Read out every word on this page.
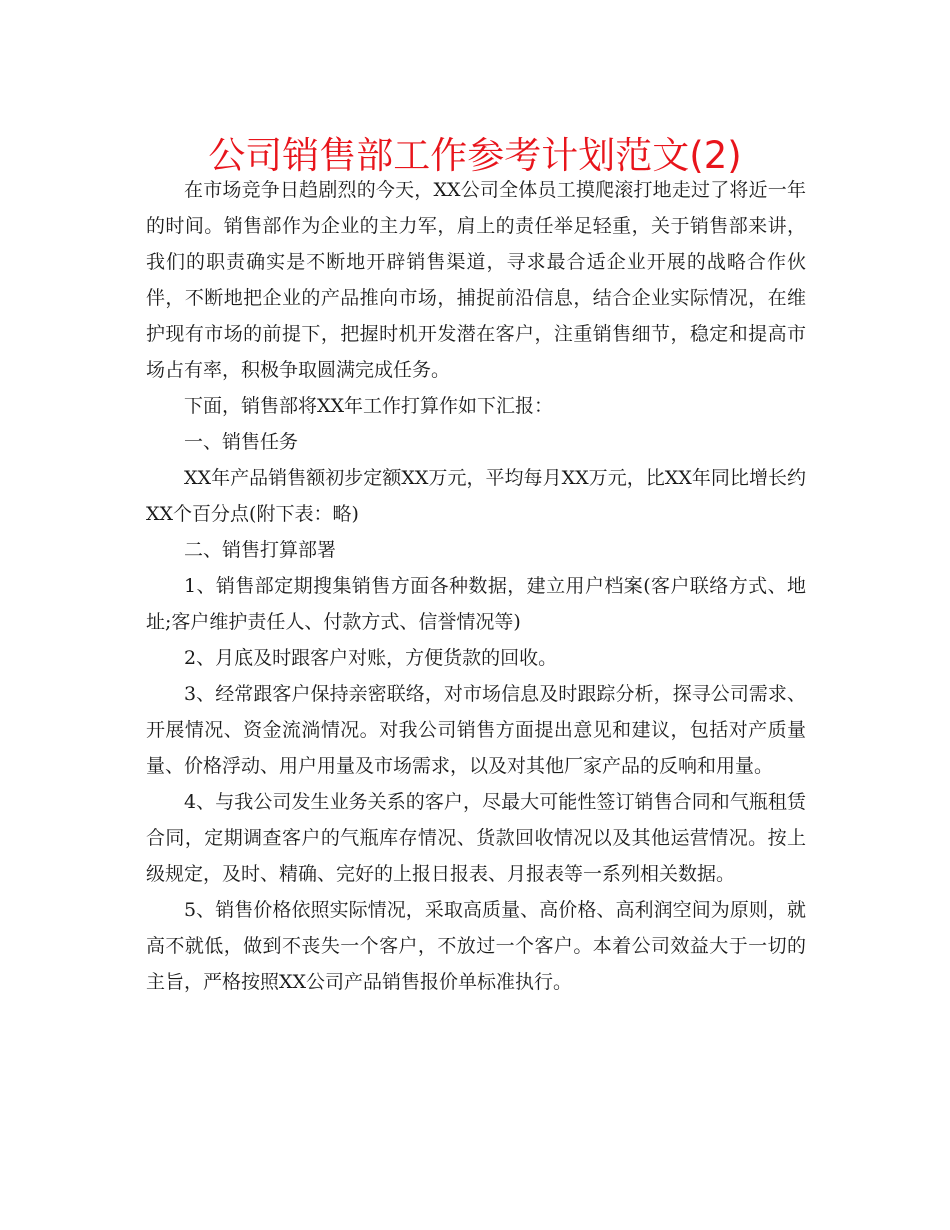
公司销售部工作参考计划范文(2)

在市场竞争日趋剧烈的今天，XX公司全体员工摸爬滚打地走过了将近一年的时间。销售部作为企业的主力军，肩上的责任举足轻重，关于销售部来讲，我们的职责确实是不断地开辟销售渠道，寻求最合适企业开展的战略合作伙伴，不断地把企业的产品推向市场，捕捉前沿信息，结合企业实际情况，在维护现有市场的前提下，把握时机开发潜在客户，注重销售细节，稳定和提高市场占有率，积极争取圆满完成任务。

下面，销售部将XX年工作打算作如下汇报：

一、销售任务

XX年产品销售额初步定额XX万元，平均每月XX万元，比XX年同比增长约XX个百分点(附下表：略)

二、销售打算部署

1、销售部定期搜集销售方面各种数据，建立用户档案(客户联络方式、地址;客户维护责任人、付款方式、信誉情况等)

2、月底及时跟客户对账，方便货款的回收。

3、经常跟客户保持亲密联络，对市场信息及时跟踪分析，探寻公司需求、开展情况、资金流淌情况。对我公司销售方面提出意见和建议，包括对产质量量、价格浮动、用户用量及市场需求，以及对其他厂家产品的反响和用量。

4、与我公司发生业务关系的客户，尽最大可能性签订销售合同和气瓶租赁合同，定期调查客户的气瓶库存情况、货款回收情况以及其他运营情况。按上级规定，及时、精确、完好的上报日报表、月报表等一系列相关数据。

5、销售价格依照实际情况，采取高质量、高价格、高利润空间为原则，就高不就低，做到不丧失一个客户，不放过一个客户。本着公司效益大于一切的主旨，严格按照XX公司产品销售报价单标准执行。
